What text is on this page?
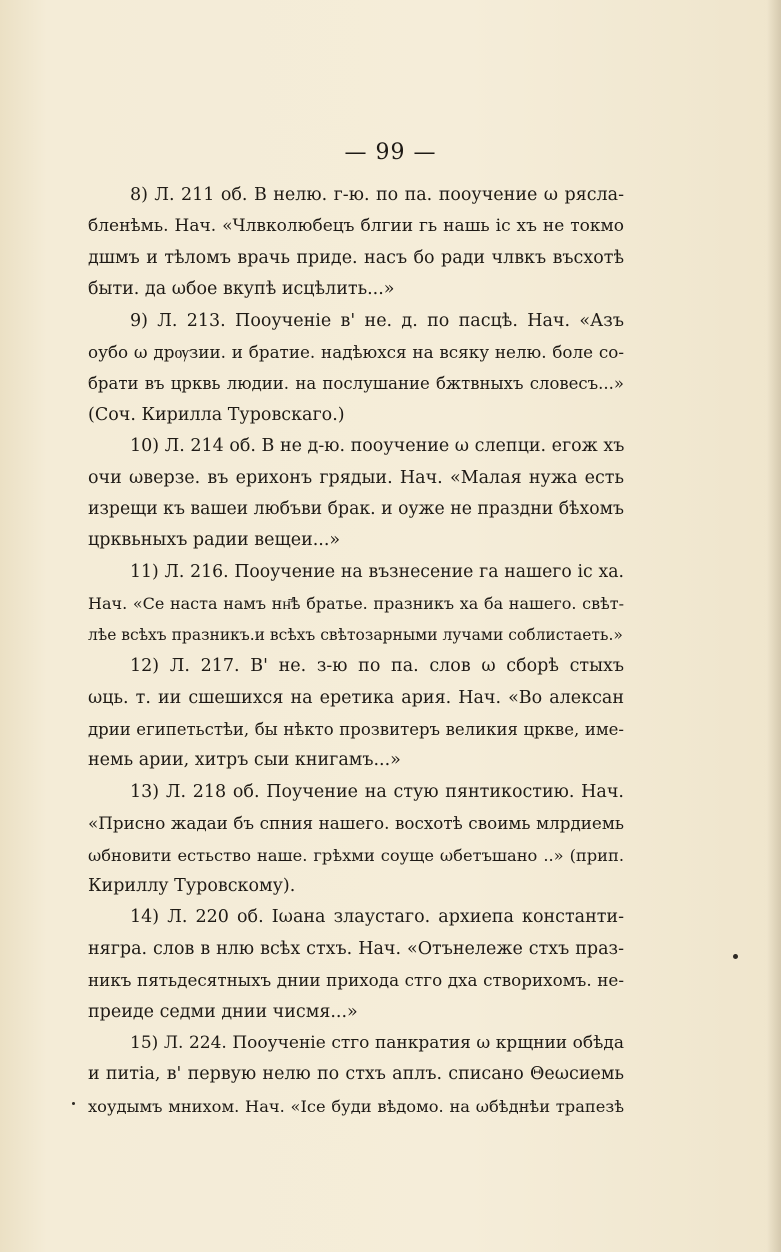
— 99 —
8) Л. 211 об. В нелю. г-ю. по па. пооучение ω рясла-
бленѣмь. Нач. «Члвколюбецъ блгии гь нашь ic хъ не токмо
дшмъ и тѣломъ врачь приде. насъ бо ради члвкъ въсхотѣ
быти. да ωбое вкупѣ исцѣлить...»
9) Л. 213. Пооученіе в' не. д. по пасцѣ. Нач. «Азъ
оубо ω дрѹзии. и братие. надѣюхся на всяку нелю. боле со-
брати въ црквь людии. на послушание бжтвныхъ словесъ...»
(Соч. Кирилла Туровскаго.)
10) Л. 214 об. В не д-ю. пооучение ω слепци. егож хъ
очи ωверзе. въ ерихонъ грядыи. Нач. «Малая нужа есть
изрещи къ вашеи любъви брак. и оуже не праздни бѣхомъ
црквьныхъ радии вещеи...»
11) Л. 216. Пооучение на възнесение га нашего ic ха.
Нач. «Се наста намъ нн҃ѣ братье. празникъ ха ба нашего. свѣт-
лѣе всѣхъ празникъ.и всѣхъ свѣтозарными лучами соблистаеть.»
12) Л. 217. В' не. з-ю по па. слов ω сборѣ стыхъ
ωць. т. ии сшешихся на еретика ария. Нач. «Во алексан
дрии египетьстѣи, бы нѣкто прозвитеръ великия цркве, име-
немь арии, хитръ сыи книгамъ...»
13) Л. 218 об. Поучение на стую пянтикостию. Нач.
«Присно жадаи бъ спния нашего. восхотѣ своимь млрдиемь
ωбновити естьство наше. грѣхми соуще ωбетъшано ..» (прип.
Кириллу Туровскому).
14) Л. 220 об. Іωана злаустаго. архиепа константи-
нягра. слов в нлю всѣх стхъ. Нач. «Отънележе стхъ праз-
никъ пятьдесятныхъ днии прихода стго дха створихомъ. не-
преиде седми днии чисмя...»
15) Л. 224. Пооученіе стго панкратия ω крщнии обѣда
и питіа, в' первую нелю по стхъ аплъ. списано Θеωсиемь
хоудымъ мнихом. Нач. «Ісе буди вѣдомо. на ωбѣднѣи трапезѣ
